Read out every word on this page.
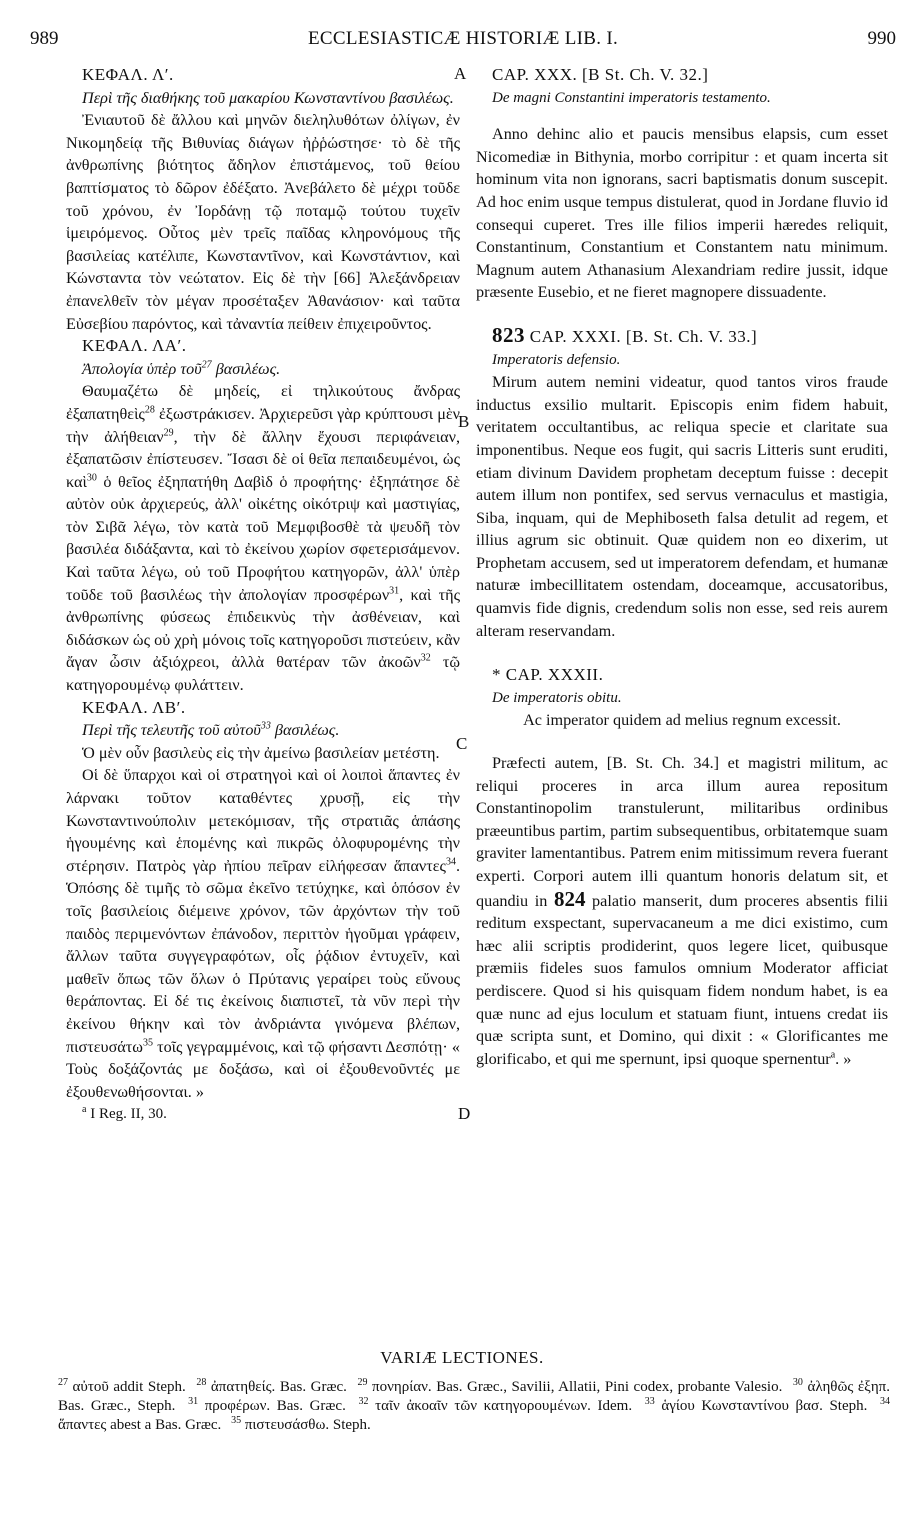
989	ECCLESIASTICÆ HISTORIÆ LIB. I.	990
A
B
C
D

ΚΕΦΑΛ. Λʹ.

Περὶ τῆς διαθήκης τοῦ μακαρίου Κωνσταντίνου βασιλέως.

Ἐνιαυτοῦ δὲ ἄλλου καὶ μηνῶν διεληλυθότων ὀλίγων, ἐν Νικομηδείᾳ τῆς Βιθυνίας διάγων ἠῤῥώστησε· τὸ δὲ τῆς ἀνθρωπίνης βιότητος ἄδηλον ἐπιστάμενος, τοῦ θείου βαπτίσματος τὸ δῶρον ἐδέξατο. Ἀνεβάλετο δὲ μέχρι τοῦδε τοῦ χρόνου, ἐν Ἰορδάνῃ τῷ ποταμῷ τούτου τυχεῖν ἱμειρόμενος. Οὗτος μὲν τρεῖς παῖδας κληρονόμους τῆς βασιλείας κατέλιπε, Κωνσταντῖνον, καὶ Κωνστάντιον, καὶ Κώνσταντα τὸν νεώτατον. Εἰς δὲ τὴν [66] Ἀλεξάνδρειαν ἐπανελθεῖν τὸν μέγαν προσέταξεν Ἀθανάσιον· καὶ ταῦτα Εὐσεβίου παρόντος, καὶ τἀναντία πείθειν ἐπιχειροῦντος.

ΚΕΦΑΛ. ΛΑʹ.

Ἀπολογία ὑπὲρ τοῦ$^{27}$ βασιλέως.

Θαυμαζέτω δὲ μηδείς, εἰ τηλικούτους ἄνδρας ἐξαπατηθεὶς$^{28}$ ἐξωστράκισεν. Ἀρχιερεῦσι γὰρ κρύπτουσι μὲν τὴν ἀλήθειαν$^{29}$, τὴν δὲ ἄλλην ἔχουσι περιφάνειαν, ἐξαπατῶσιν ἐπίστευσεν. Ἴσασι δὲ οἱ θεῖα πεπαιδευμένοι, ὡς καὶ$^{30}$ ὁ θεῖος ἐξηπατήθη Δαβὶδ ὁ προφήτης· ἐξηπάτησε δὲ αὐτὸν οὐκ ἀρχιερεύς, ἀλλ' οἰκέτης οἰκότριψ καὶ μαστιγίας, τὸν Σιβᾶ λέγω, τὸν κατὰ τοῦ Μεμφιβοσθὲ τὰ ψευδῆ τὸν βασιλέα διδάξαντα, καὶ τὸ ἐκείνου χωρίον σφετερισάμενον. Καὶ ταῦτα λέγω, οὐ τοῦ Προφήτου κατηγορῶν, ἀλλ' ὑπὲρ τοῦδε τοῦ βασιλέως τὴν ἀπολογίαν προσφέρων$^{31}$, καὶ τῆς ἀνθρωπίνης φύσεως ἐπιδεικνὺς τὴν ἀσθένειαν, καὶ διδάσκων ὡς οὐ χρὴ μόνοις τοῖς κατηγοροῦσι πιστεύειν, κἂν ἄγαν ὦσιν ἀξιόχρεοι, ἀλλὰ θατέραν τῶν ἀκοῶν$^{32}$ τῷ κατηγορουμένῳ φυλάττειν.

ΚΕΦΑΛ. ΛΒʹ.

Περὶ τῆς τελευτῆς τοῦ αὐτοῦ$^{33}$ βασιλέως.

Ὁ μὲν οὖν βασιλεὺς εἰς τὴν ἀμείνω βασιλείαν μετέστη.

Οἱ δὲ ὕπαρχοι καὶ οἱ στρατηγοὶ καὶ οἱ λοιποὶ ἅπαντες ἐν λάρνακι τοῦτον καταθέντες χρυσῇ, εἰς τὴν Κωνσταντινούπολιν μετεκόμισαν, τῆς στρατιᾶς ἁπάσης ἡγουμένης καὶ ἑπομένης καὶ πικρῶς ὀλοφυρομένης τὴν στέρησιν. Πατρὸς γὰρ ἠπίου πεῖραν εἰλήφεσαν ἅπαντες$^{34}$. Ὁπόσης δὲ τιμῆς τὸ σῶμα ἐκεῖνο τετύχηκε, καὶ ὁπόσον ἐν τοῖς βασιλείοις διέμεινε χρόνον, τῶν ἀρχόντων τὴν τοῦ παιδὸς περιμενόντων ἐπάνοδον, περιττὸν ἡγοῦμαι γράφειν, ἄλλων ταῦτα συγγεγραφότων, οἷς ῥᾴδιον ἐντυχεῖν, καὶ μαθεῖν ὅπως τῶν ὅλων ὁ Πρύτανις γεραίρει τοὺς εὔνους θεράποντας. Εἰ δέ τις ἐκείνοις διαπιστεῖ, τὰ νῦν περὶ τὴν ἐκείνου θήκην καὶ τὸν ἀνδριάντα γινόμενα βλέπων, πιστευσάτω$^{35}$ τοῖς γεγραμμένοις, καὶ τῷ φήσαντι Δεσπότῃ· « Τοὺς δοξάζοντάς με δοξάσω, καὶ οἱ ἐξουθενοῦντές με ἐξουθενωθήσονται. »

$^a$ I Reg. II, 30.

CAP. XXX. [B St. Ch. V. 32.]

De magni Constantini imperatoris testamento.

Anno dehinc alio et paucis mensibus elapsis, cum esset Nicomediæ in Bithynia, morbo corripitur : et quam incerta sit hominum vita non ignorans, sacri baptismatis donum suscepit. Ad hoc enim usque tempus distulerat, quod in Jordane fluvio id consequi cuperet. Tres ille filios imperii hæredes reliquit, Constantinum, Constantium et Constantem natu minimum. Magnum autem Athanasium Alexandriam redire jussit, idque præsente Eusebio, et ne fieret magnopere dissuadente.

823 CAP. XXXI. [B. St. Ch. V. 33.]

Imperatoris defensio.

Mirum autem nemini videatur, quod tantos viros fraude inductus exsilio multarit. Episcopis enim fidem habuit, veritatem occultantibus, ac reliqua specie et claritate sua imponentibus. Neque eos fugit, qui sacris Litteris sunt eruditi, etiam divinum Davidem prophetam deceptum fuisse : decepit autem illum non pontifex, sed servus vernaculus et mastigia, Siba, inquam, qui de Mephiboseth falsa detulit ad regem, et illius agrum sic obtinuit. Quæ quidem non eo dixerim, ut Prophetam accusem, sed ut imperatorem defendam, et humanæ naturæ imbecillitatem ostendam, doceamque, accusatoribus, quamvis fide dignis, credendum solis non esse, sed reis aurem alteram reservandam.

* CAP. XXXII.

De imperatoris obitu.

Ac imperator quidem ad melius regnum excessit.

Præfecti autem, [B. St. Ch. 34.] et magistri militum, ac reliqui proceres in arca illum aurea repositum Constantinopolim transtulerunt, militaribus ordinibus præeuntibus partim, partim subsequentibus, orbitatemque suam graviter lamentantibus. Patrem enim mitissimum revera fuerant experti. Corpori autem illi quantum honoris delatum sit, et quandiu in 824 palatio manserit, dum proceres absentis filii reditum exspectant, supervacaneum a me dici existimo, cum hæc alii scriptis prodiderint, quos legere licet, quibusque præmiis fideles suos famulos omnium Moderator afficiat perdiscere. Quod si his quisquam fidem nondum habet, is ea quæ nunc ad ejus loculum et statuam fiunt, intuens credat iis quæ scripta sunt, et Domino, qui dixit : « Glorificantes me glorificabo, et qui me spernunt, ipsi quoque spernentur$^a$. »

VARIÆ LECTIONES.
$^{27}$ αὐτοῦ addit Steph. $^{28}$ ἀπατηθείς. Bas. Græc. $^{29}$ πονηρίαν. Bas. Græc., Savilii, Allatii, Pini codex, probante Valesio. $^{30}$ ἀληθῶς ἐξηπ. Bas. Græc., Steph. $^{31}$ προφέρων. Bas. Græc. $^{32}$ ταῖν ἀκοαῖν τῶν κατηγορουμένων. Idem. $^{33}$ ἁγίου Κωνσταντίνου βασ. Steph. $^{34}$ ἅπαντες abest a Bas. Græc. $^{35}$ πιστευσάσθω. Steph.
